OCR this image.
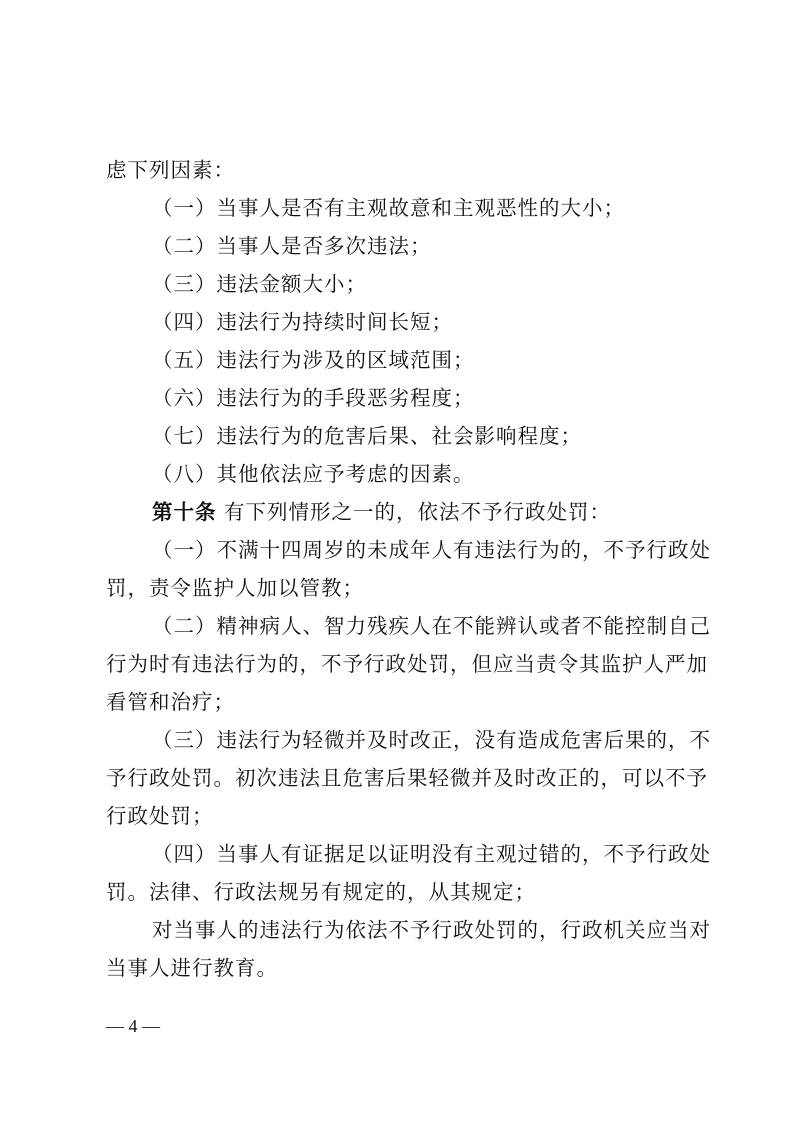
虑下列因素：
（一）当事人是否有主观故意和主观恶性的大小；
（二）当事人是否多次违法；
（三）违法金额大小；
（四）违法行为持续时间长短；
（五）违法行为涉及的区域范围；
（六）违法行为的手段恶劣程度；
（七）违法行为的危害后果、社会影响程度；
（八）其他依法应予考虑的因素。
第十条 有下列情形之一的，依法不予行政处罚：
（一）不满十四周岁的未成年人有违法行为的，不予行政处
罚，责令监护人加以管教；
（二）精神病人、智力残疾人在不能辨认或者不能控制自己
行为时有违法行为的，不予行政处罚，但应当责令其监护人严加
看管和治疗；
（三）违法行为轻微并及时改正，没有造成危害后果的，不
予行政处罚。初次违法且危害后果轻微并及时改正的，可以不予
行政处罚；
（四）当事人有证据足以证明没有主观过错的，不予行政处
罚。法律、行政法规另有规定的，从其规定；
对当事人的违法行为依法不予行政处罚的，行政机关应当对
当事人进行教育。
— 4 —
